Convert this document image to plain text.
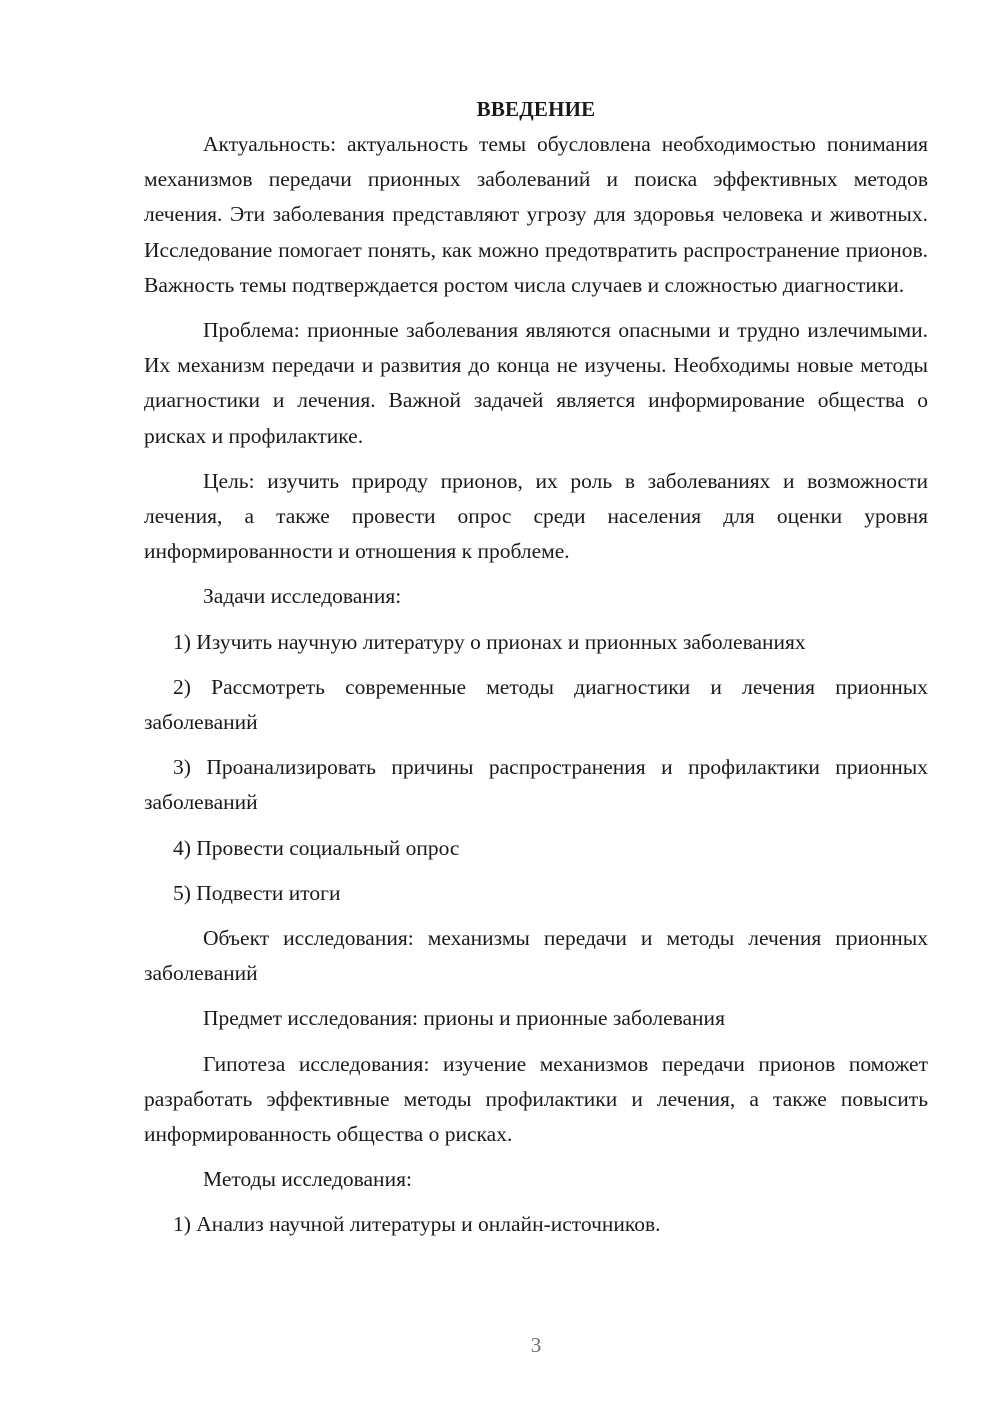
ВВЕДЕНИЕ

Актуальность: актуальность темы обусловлена необходимостью понимания механизмов передачи прионных заболеваний и поиска эффективных методов лечения. Эти заболевания представляют угрозу для здоровья человека и животных. Исследование помогает понять, как можно предотвратить распространение прионов. Важность темы подтверждается ростом числа случаев и сложностью диагностики.

Проблема: прионные заболевания являются опасными и трудно излечимыми. Их механизм передачи и развития до конца не изучены. Необходимы новые методы диагностики и лечения. Важной задачей является информирование общества о рисках и профилактике.

Цель: изучить природу прионов, их роль в заболеваниях и возможности лечения, а также провести опрос среди населения для оценки уровня информированности и отношения к проблеме.

Задачи исследования:

1) Изучить научную литературу о прионах и прионных заболеваниях

2) Рассмотреть современные методы диагностики и лечения прионных заболеваний

3) Проанализировать причины распространения и профилактики прионных заболеваний

4) Провести социальный опрос

5) Подвести итоги

Объект исследования: механизмы передачи и методы лечения прионных заболеваний

Предмет исследования: прионы и прионные заболевания

Гипотеза исследования: изучение механизмов передачи прионов поможет разработать эффективные методы профилактики и лечения, а также повысить информированность общества о рисках.

Методы исследования:

1) Анализ научной литературы и онлайн-источников.

3
